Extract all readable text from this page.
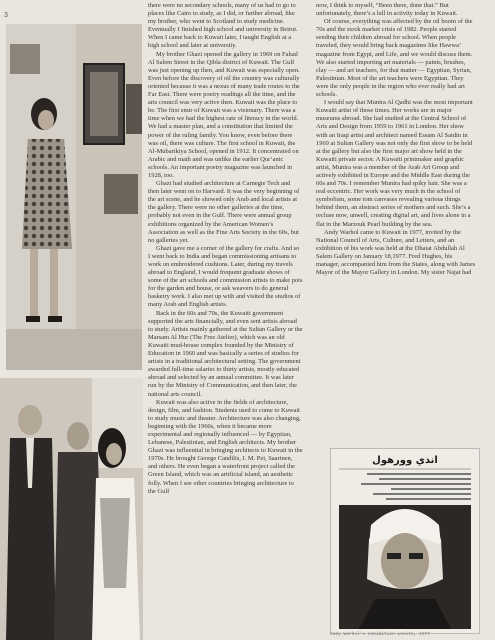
3

there were no secondary schools, many of us had to go to places like Cairo to study, as I did, or further abroad, like my brother, who went to Scotland to study medicine. Eventually I finished high school and university in Beirut. When I came back to Kuwait later, I taught English at a high school and later at university.

My brother Ghazi opened the gallery in 1969 on Fahad Al Salem Street in the Qibla district of Kuwait. The Gulf was just opening up then, and Kuwait was especially open. Even before the discovery of oil the country was culturally oriented because it was a nexus of many trade routes to the Far East. There were poetry readings all the time, and the arts council was very active then. Kuwait was the place to be. The first emir of Kuwait was a visionary. There was a time when we had the highest rate of literacy in the world. We had a master plan, and a constitution that limited the power of the ruling family. You know, even before there was oil, there was culture. The first school in Kuwait, the Al-Mubarikiya School, opened in 1912. It concentrated on Arabic and math and was unlike the earlier Qur’anic schools. An important poetry magazine was launched in 1928, too.

Ghazi had studied architecture at Carnegie Tech and then later went on to Harvard. It was the very beginning of the art scene, and he showed only Arab and local artists at the gallery. There were no other galleries at the time, probably not even in the Gulf. There were annual group exhibitions organized by the American Women’s Association as well as the Fine Arts Society in the 60s, but no galleries yet.

Ghazi gave me a corner of the gallery for crafts. And so I went back to India and began commissioning artisans to work on embroidered cushions. Later, during my travels abroad to England, I would frequent graduate shows of some of the art schools and commission artists to make pots for the garden and house, or ask weavers to do general basketry work. I also met up with and visited the studios of many Arab and English artists.

Back in the 60s and 70s, the Kuwaiti government supported the arts financially, and even sent artists abroad to study. Artists mainly gathered at the Sultan Gallery or the Marsam Al Hur (The Free Atelier), which was an old Kuwaiti mud-house complex founded by the Ministry of Education in 1960 and was basically a series of studios for artists in a traditional architectural setting. The government awarded full-time salaries to thirty artists, mostly educated abroad and selected by an annual committee. It was later run by the Ministry of Communication, and then later, the national arts council.

Kuwait was also active in the fields of architecture, design, film, and fashion. Students used to come to Kuwait to study music and theater. Architecture was also changing, beginning with the 1960s, when it became more experimental and regionally influenced — by Egyptian, Lebanese, Palestinian, and English architects. My brother Ghazi was influential in bringing architects to Kuwait in the 1970s. He brought George Candilis, I. M. Pei, Saarinen, and others. He even began a waterfront project called the Green Island, which was an artificial island, an aesthetic folly. When I see other countries bringing architecture to the Gulf

now, I think to myself, “Been there, done that.” But unfortunately, there’s a lull in activity today in Kuwait.

Of course, everything was affected by the oil boom of the 70s and the stock market crisis of 1982. People started sending their children abroad for school. When people traveled, they would bring back magazines like Hawwa’ magazine from Egypt, and Life, and we would discuss them. We also started importing art materials — paints, brushes, clay — and art teachers, for that matter — Egyptian, Syrian, Palestinian. Most of the art teachers were Egyptian. They were the only people in the region who ever really had art schools.

I would say that Munira Al Qadhi was the most important Kuwaiti artist of those times. Her works are in major museums abroad. She had studied at the Central School of Arts and Design from 1959 to 1961 in London. Her show with an Iraqi artist and architect named Essam Al Saidin in 1969 at Sultan Gallery was not only the first show to be held at the gallery but also the first major art show held in the Kuwaiti private sector. A Kuwaiti printmaker and graphic artist, Munira was a member of the Arab Art Group and actively exhibited in Europe and the Middle East during the 60s and 70s. I remember Munira had spiky hair. She was a real eccentric. Her work was very much in the school of symbolism, some tom canvases revealing various things behind them, an abstract series of mothers and such. She’s a recluse now, unwell, creating digital art, and lives alone in a flat in the Marzouk Pearl building by the sea.

Andy Warhol came to Kuwait in 1977, invited by the National Council of Arts, Culture, and Letters, and an exhibition of his work was held at the Dhaiat Abdullah Al Salem Gallery on January 18,1977. Fred Hughes, his manager, accompanied him from the States, along with James Mayor of the Mayor Gallery in London. My sister Najat had

اندي وورهول
Andy Warhol’s exhibition invite, 1977
